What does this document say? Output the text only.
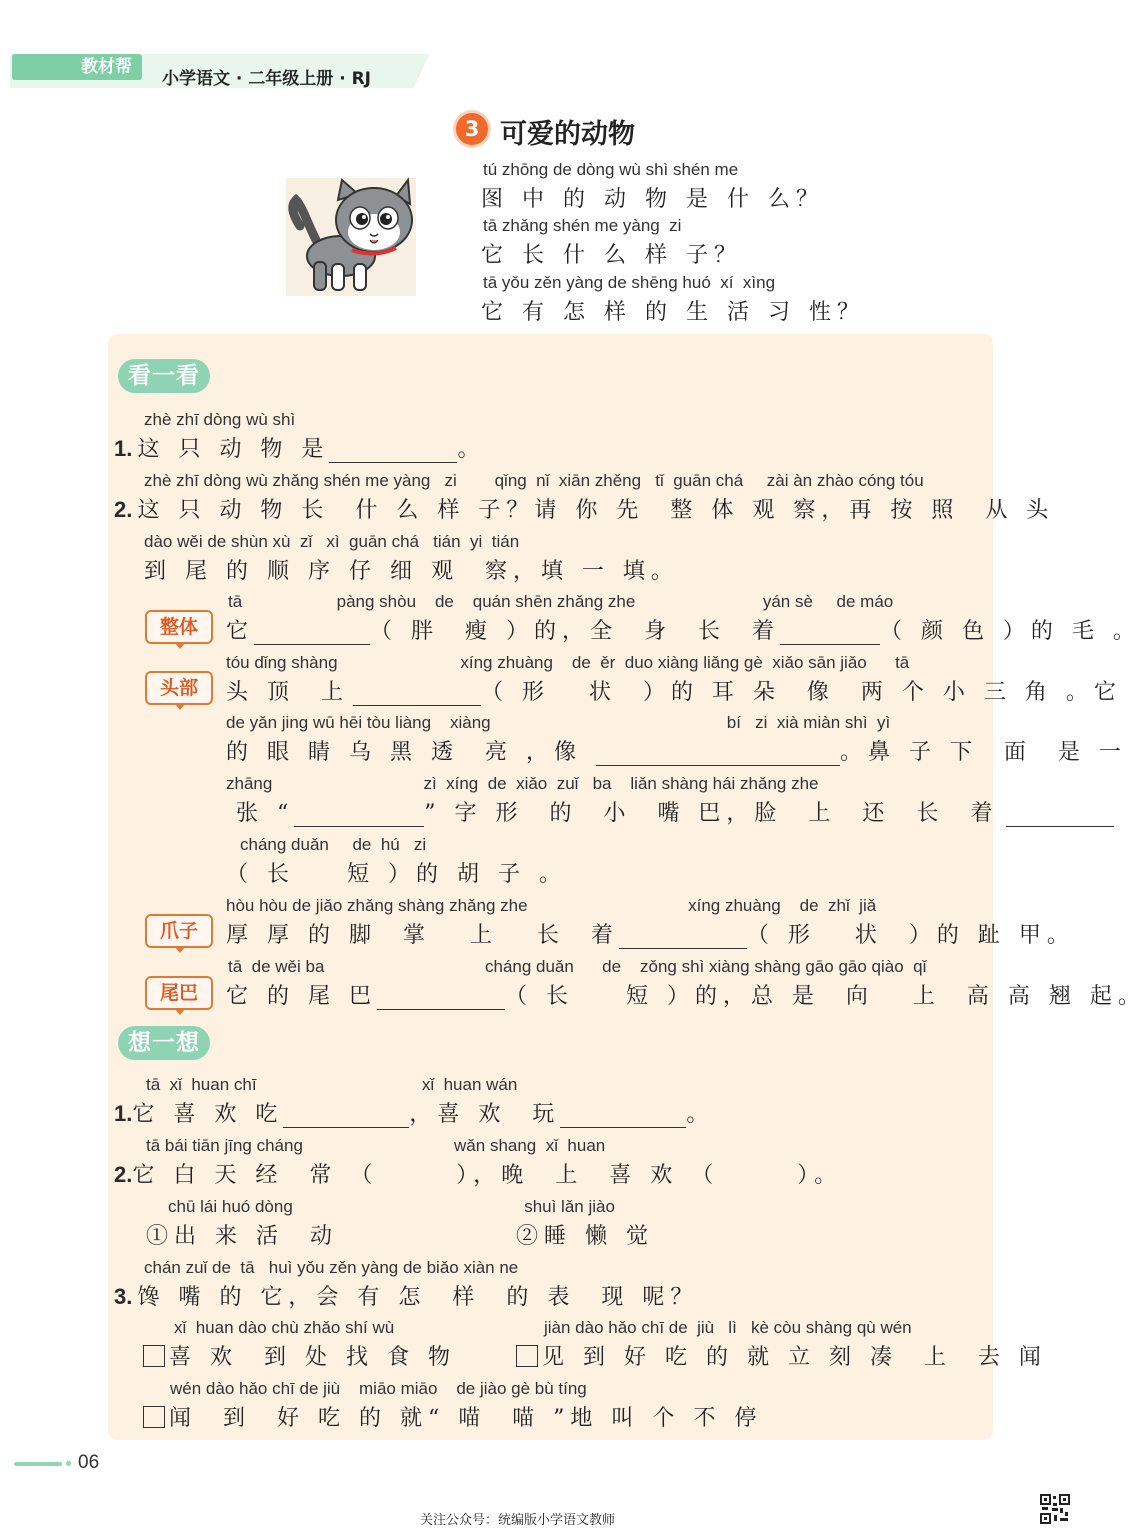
教材帮
小学语文 · 二年级上册 · RJ
3 可爱的动物
tú zhōng de dòng wù shì shén me
图 中 的 动 物 是 什 么？
tā zhǎng shén me yàng  zi
它 长 什 么 样 子？
tā yǒu zěn yàng de shēng huó  xí  xìng
它 有 怎 样 的 生 活 习 性？
看一看
zhè zhī dòng wù shì
1. 这 只 动 物 是	。
zhè zhī dòng wù zhǎng shén me yàng   zi        qǐng  nǐ  xiān zhěng   tǐ  guān chá     zài àn zhào cóng tóu
2. 这 只 动 物 长  什 么 样 子？请 你 先  整 体 观 察，再 按 照  从 头
dào wěi de shùn xù  zǐ   xì  guān chá   tián  yi  tián
到 尾 的 顺 序 仔 细 观  察，填 一 填。
整体
tā                    pàng shòu    de    quán shēn zhǎng zhe                           yán sè     de máo
它	（ 胖  瘦 ）的，全  身  长  着	（ 颜 色 ）的 毛 。
头部
tóu dǐng shàng                          xíng zhuàng    de  ěr  duo xiàng liǎng gè  xiǎo sān jiǎo      tā
头 顶  上	（ 形   状  ）的 耳 朵  像  两 个 小 三 角 。它
de yǎn jing wū hēi tòu liàng    xiàng                                                  bí   zi  xià miàn shì  yì
的 眼 睛 乌 黑 透  亮 ，像	。鼻 子 下  面  是 一
zhāng                                zì  xíng  de  xiǎo  zuǐ   ba    liǎn shàng hái zhǎng zhe
张 “	” 字 形  的  小  嘴 巴，脸  上  还  长  着
cháng duǎn     de  hú   zi
（ 长    短 ）的 胡 子 。
爪子
hòu hòu de jiǎo zhǎng shàng zhǎng zhe                                  xíng zhuàng    de  zhǐ  jiǎ
厚 厚 的 脚  掌   上   长  着	（ 形   状  ）的 趾 甲。
尾巴
tā  de wěi ba                                  cháng duǎn      de    zǒng shì xiàng shàng gāo gāo qiào  qǐ
它 的 尾 巴	（ 长    短 ）的，总 是  向   上  高 高 翘 起。
想一想
tā  xǐ  huan chī                                   xǐ  huan wán
1.它 喜 欢 吃	，喜 欢  玩	。
tā bái tiān jīng cháng                                wǎn shang  xǐ  huan
2.它 白 天 经  常 （      ），晚  上  喜 欢 （      ）。
chū lái huó dòng                                                 shuì lǎn jiào
①出 来 活  动	②睡 懒 觉
chán zuǐ de  tā   huì yǒu zěn yàng de biǎo xiàn ne
3. 馋 嘴 的 它，会 有 怎  样  的 表  现 呢？
xǐ  huan dào chù zhǎo shí wù
喜 欢  到 处 找 食 物
jiàn dào hǎo chī de  jiù   lì   kè còu shàng qù wén
见 到 好 吃 的 就 立 刻 凑  上  去 闻
wén dào hǎo chī de jiù    miāo miāo    de jiào gè bù tíng
闻  到  好 吃 的 就“ 喵  喵 ”地 叫 个 不 停
06
关注公众号：统编版小学语文教师
